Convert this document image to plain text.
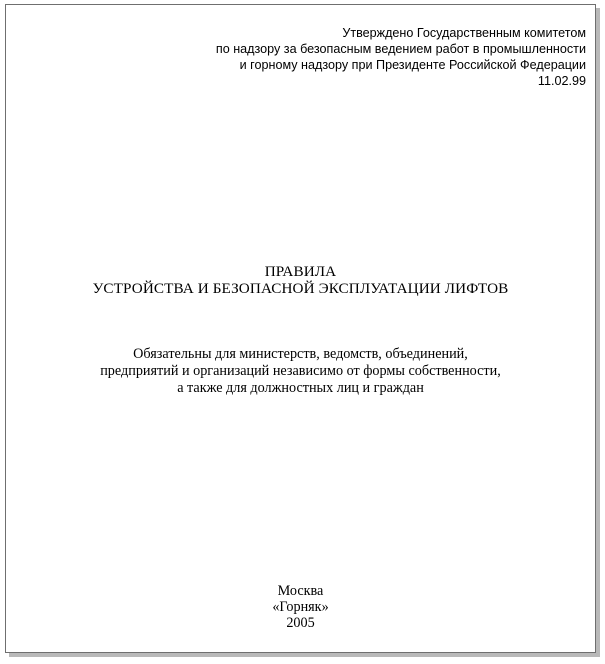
Утверждено Государственным комитетом
по надзору за безопасным ведением работ в промышленности
и горному надзору при Президенте Российской Федерации
11.02.99
ПРАВИЛА
УСТРОЙСТВА И БЕЗОПАСНОЙ ЭКСПЛУАТАЦИИ ЛИФТОВ
Обязательны для министерств, ведомств, объединений,
предприятий и организаций независимо от формы собственности,
а также для должностных лиц и граждан
Москва
«Горняк»
2005
